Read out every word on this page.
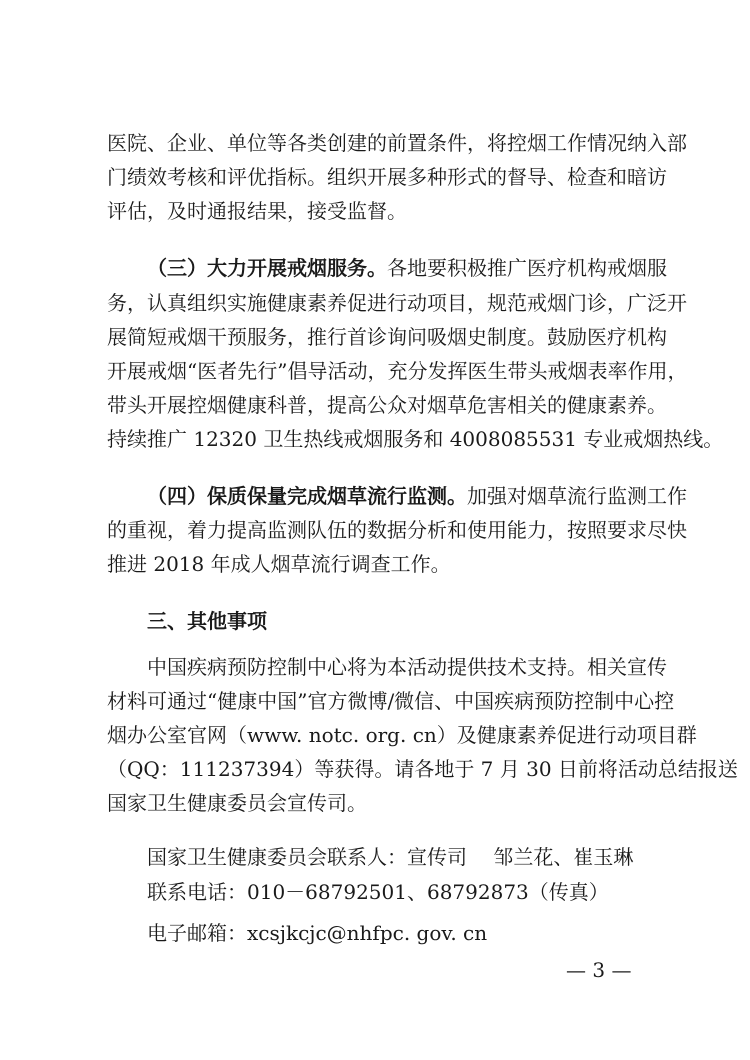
医院、企业、单位等各类创建的前置条件，将控烟工作情况纳入部
门绩效考核和评优指标。组织开展多种形式的督导、检查和暗访
评估，及时通报结果，接受监督。
（三）大力开展戒烟服务。各地要积极推广医疗机构戒烟服
务，认真组织实施健康素养促进行动项目，规范戒烟门诊，广泛开
展简短戒烟干预服务，推行首诊询问吸烟史制度。鼓励医疗机构
开展戒烟“医者先行”倡导活动，充分发挥医生带头戒烟表率作用，
带头开展控烟健康科普，提高公众对烟草危害相关的健康素养。
持续推广 12320 卫生热线戒烟服务和 4008085531 专业戒烟热线。
（四）保质保量完成烟草流行监测。加强对烟草流行监测工作
的重视，着力提高监测队伍的数据分析和使用能力，按照要求尽快
推进 2018 年成人烟草流行调查工作。
三、其他事项
中国疾病预防控制中心将为本活动提供技术支持。相关宣传
材料可通过“健康中国”官方微博/微信、中国疾病预防控制中心控
烟办公室官网（www. notc. org. cn）及健康素养促进行动项目群
（QQ：111237394）等获得。请各地于 7 月 30 日前将活动总结报送
国家卫生健康委员会宣传司。
国家卫生健康委员会联系人：宣传司　 邹兰花、崔玉琳
联系电话：010－68792501、68792873（传真）
电子邮箱：xcsjkcjc@nhfpc. gov. cn
— 3 —
